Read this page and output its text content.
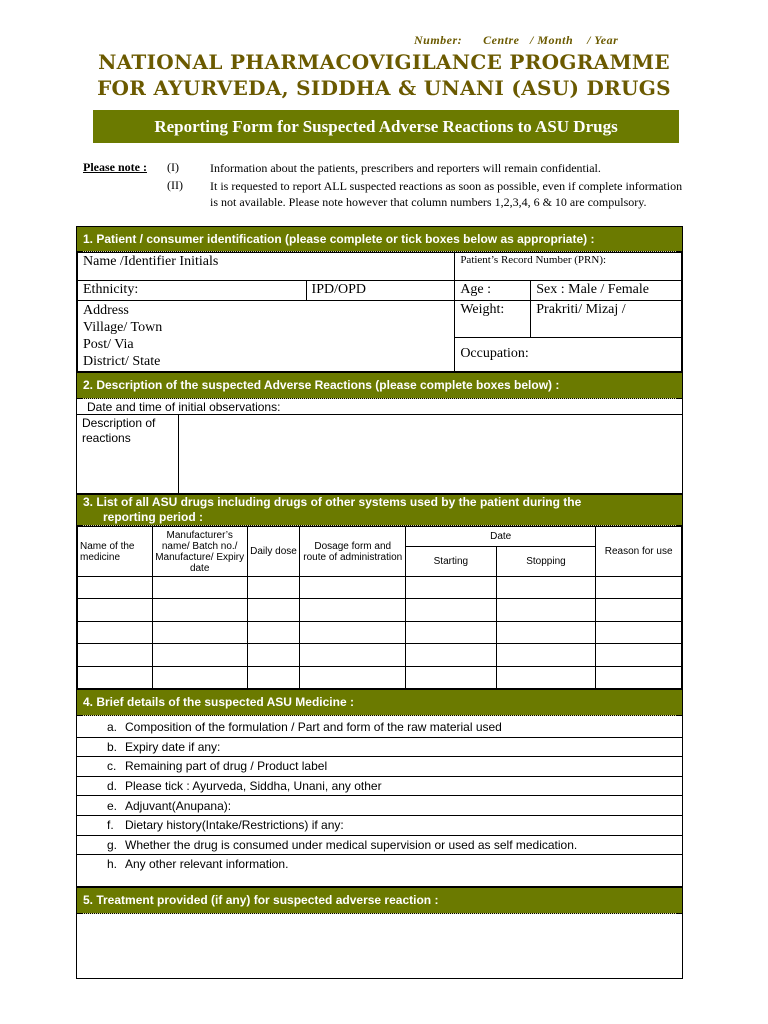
Number:      Centre   / Month    / Year
NATIONAL PHARMACOVIGILANCE PROGRAMME
FOR AYURVEDA, SIDDHA & UNANI (ASU) DRUGS
Reporting Form for Suspected Adverse Reactions to ASU Drugs
Please note : (I)	Information about the patients, prescribers and reporters will remain confidential.
(II) It is requested to report ALL suspected reactions as soon as possible, even if complete information is not available. Please note however that column numbers 1,2,3,4, 6 & 10 are compulsory.
1. Patient / consumer identification (please complete or tick boxes below as appropriate) :
Name /Identifier Initials		Patient’s Record Number (PRN):	
Ethnicity:	IPD/OPD	Age :	Sex : Male / Female

Address
Village/ Town
Post/ Via
District/ State		Weight:	Prakriti/ Mizaj /
		Occupation:	
2. Description of the suspected Adverse Reactions (please complete boxes below) :
Date and time of initial observations:
Description of reactions
3. List of all ASU drugs including drugs of other systems used by the patient during the
reporting period :
Name of the medicine	Manufacturer’s name/ Batch no./ Manufacture/ Expiry date	Daily dose	Dosage form and route of administration	Date		Reason for use
				Starting	Stopping	

4. Brief details of the suspected ASU Medicine :
a. Composition of the formulation / Part and form of the raw material used
b. Expiry date if any:
c. Remaining part of drug / Product label
d. Please tick : Ayurveda, Siddha, Unani, any other
e. Adjuvant(Anupana):
f. Dietary history(Intake/Restrictions) if any:
g. Whether the drug is consumed under medical supervision or used as self medication.
h. Any other relevant information.
5. Treatment provided (if any) for suspected adverse reaction :
